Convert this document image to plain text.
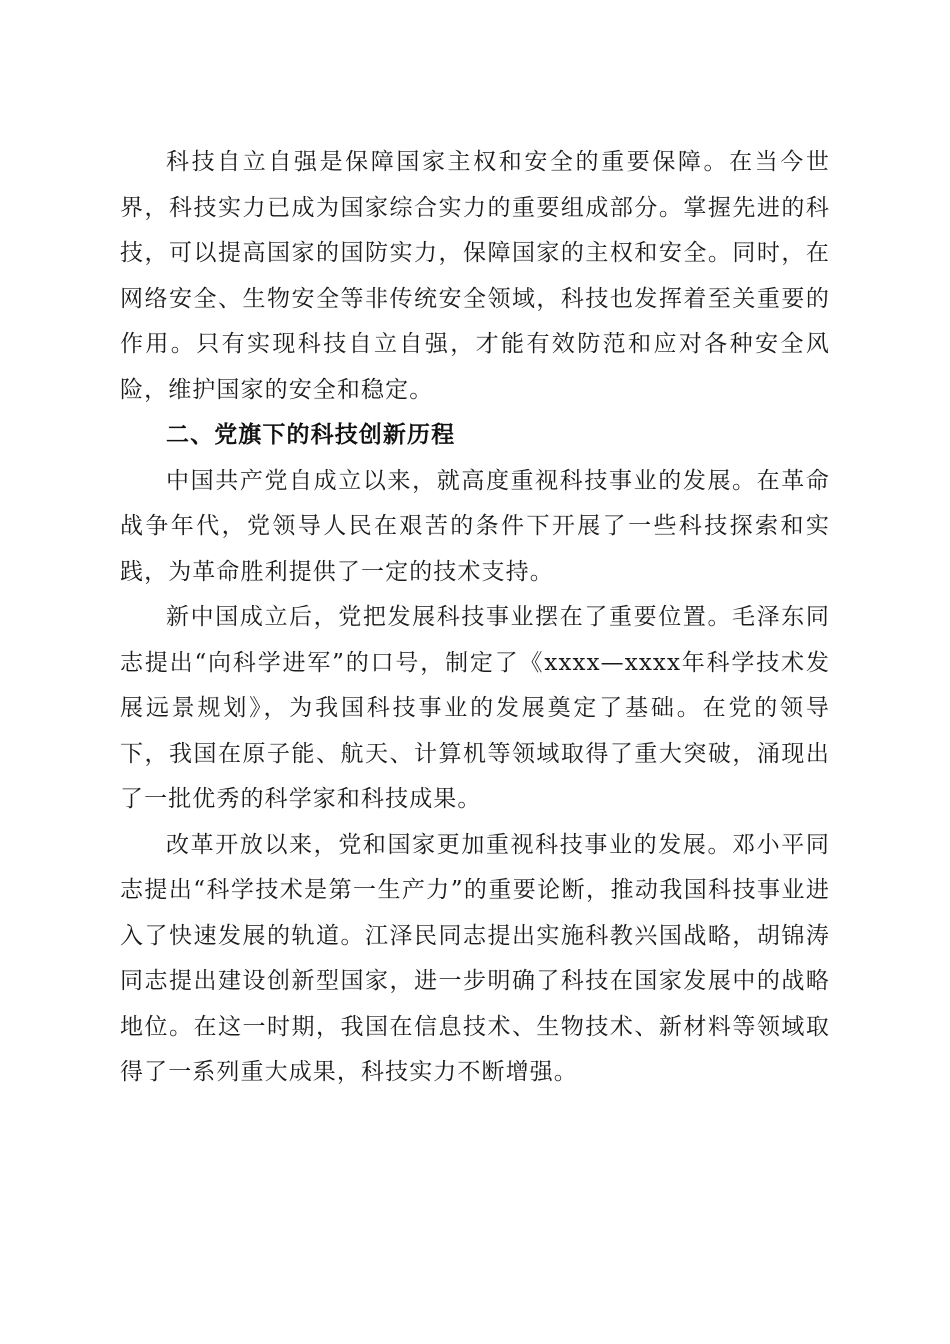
科技自立自强是保障国家主权和安全的重要保障。在当今世界，科技实力已成为国家综合实力的重要组成部分。掌握先进的科技，可以提高国家的国防实力，保障国家的主权和安全。同时，在网络安全、生物安全等非传统安全领域，科技也发挥着至关重要的作用。只有实现科技自立自强，才能有效防范和应对各种安全风险，维护国家的安全和稳定。

二、党旗下的科技创新历程

中国共产党自成立以来，就高度重视科技事业的发展。在革命战争年代，党领导人民在艰苦的条件下开展了一些科技探索和实践，为革命胜利提供了一定的技术支持。

新中国成立后，党把发展科技事业摆在了重要位置。毛泽东同志提出“向科学进军”的口号，制定了《xxxx—xxxx年科学技术发展远景规划》，为我国科技事业的发展奠定了基础。在党的领导下，我国在原子能、航天、计算机等领域取得了重大突破，涌现出了一批优秀的科学家和科技成果。

改革开放以来，党和国家更加重视科技事业的发展。邓小平同志提出“科学技术是第一生产力”的重要论断，推动我国科技事业进入了快速发展的轨道。江泽民同志提出实施科教兴国战略，胡锦涛同志提出建设创新型国家，进一步明确了科技在国家发展中的战略地位。在这一时期，我国在信息技术、生物技术、新材料等领域取得了一系列重大成果，科技实力不断增强。
